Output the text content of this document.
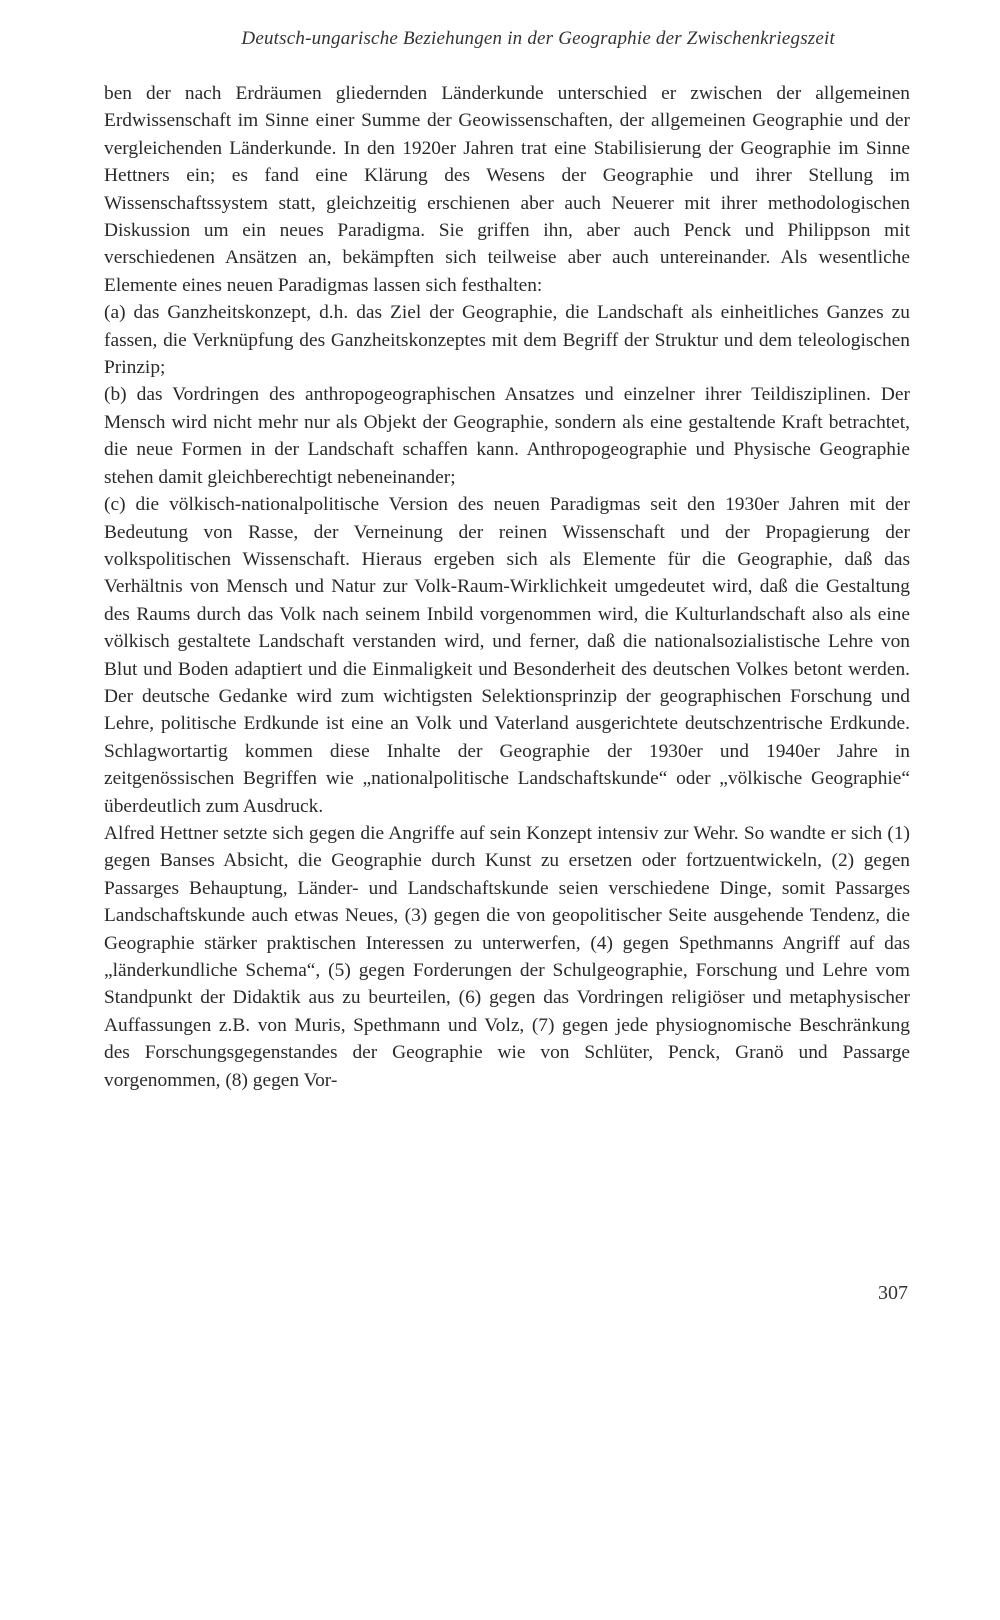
Deutsch-ungarische Beziehungen in der Geographie der Zwischenkriegszeit

ben der nach Erdräumen gliedernden Länderkunde unterschied er zwischen der allgemeinen Erdwissenschaft im Sinne einer Summe der Geowissenschaften, der allgemeinen Geographie und der vergleichenden Länderkunde. In den 1920er Jahren trat eine Stabilisierung der Geographie im Sinne Hettners ein; es fand eine Klärung des Wesens der Geographie und ihrer Stellung im Wissenschaftssystem statt, gleichzeitig erschienen aber auch Neuerer mit ihrer methodologischen Diskussion um ein neues Paradigma. Sie griffen ihn, aber auch Penck und Philippson mit verschiedenen Ansätzen an, bekämpften sich teilweise aber auch untereinander. Als wesentliche Elemente eines neuen Paradigmas lassen sich festhalten:

(a) das Ganzheitskonzept, d.h. das Ziel der Geographie, die Landschaft als einheitliches Ganzes zu fassen, die Verknüpfung des Ganzheitskonzeptes mit dem Begriff der Struktur und dem teleologischen Prinzip;

(b) das Vordringen des anthropogeographischen Ansatzes und einzelner ihrer Teildisziplinen. Der Mensch wird nicht mehr nur als Objekt der Geographie, sondern als eine gestaltende Kraft betrachtet, die neue Formen in der Landschaft schaffen kann. Anthropogeographie und Physische Geographie stehen damit gleichberechtigt nebeneinander;

(c) die völkisch-nationalpolitische Version des neuen Paradigmas seit den 1930er Jahren mit der Bedeutung von Rasse, der Verneinung der reinen Wissenschaft und der Propagierung der volkspolitischen Wissenschaft. Hieraus ergeben sich als Elemente für die Geographie, daß das Verhältnis von Mensch und Natur zur Volk-Raum-Wirklichkeit umgedeutet wird, daß die Gestaltung des Raums durch das Volk nach seinem Inbild vorgenommen wird, die Kulturlandschaft also als eine völkisch gestaltete Landschaft verstanden wird, und ferner, daß die nationalsozialistische Lehre von Blut und Boden adaptiert und die Einmaligkeit und Besonderheit des deutschen Volkes betont werden. Der deutsche Gedanke wird zum wichtigsten Selektionsprinzip der geographischen Forschung und Lehre, politische Erdkunde ist eine an Volk und Vaterland ausgerichtete deutschzentrische Erdkunde. Schlagwortartig kommen diese Inhalte der Geographie der 1930er und 1940er Jahre in zeitgenössischen Begriffen wie „nationalpolitische Landschaftskunde“ oder „völkische Geographie“ überdeutlich zum Ausdruck.

Alfred Hettner setzte sich gegen die Angriffe auf sein Konzept intensiv zur Wehr. So wandte er sich (1) gegen Banses Absicht, die Geographie durch Kunst zu ersetzen oder fortzuentwickeln, (2) gegen Passarges Behauptung, Länder- und Landschaftskunde seien verschiedene Dinge, somit Passarges Landschaftskunde auch etwas Neues, (3) gegen die von geopolitischer Seite ausgehende Tendenz, die Geographie stärker praktischen Interessen zu unterwerfen, (4) gegen Spethmanns Angriff auf das „länderkundliche Schema“, (5) gegen Forderungen der Schulgeographie, Forschung und Lehre vom Standpunkt der Didaktik aus zu beurteilen, (6) gegen das Vordringen religiöser und metaphysischer Auffassungen z.B. von Muris, Spethmann und Volz, (7) gegen jede physiognomische Beschränkung des Forschungsgegenstandes der Geographie wie von Schlüter, Penck, Granö und Passarge vorgenommen, (8) gegen Vor-

307
